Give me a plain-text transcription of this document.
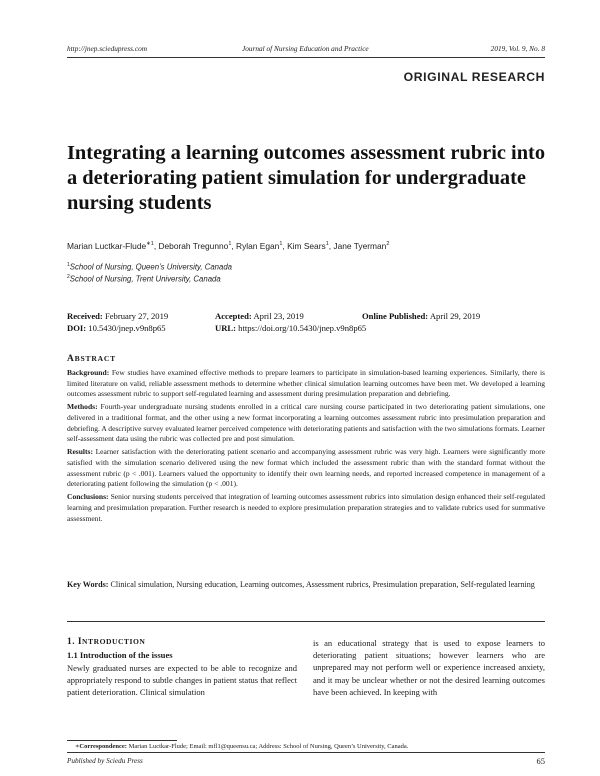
http://jnep.sciedupress.com	Journal of Nursing Education and Practice	2019, Vol. 9, No. 8
ORIGINAL RESEARCH
Integrating a learning outcomes assessment rubric into a deteriorating patient simulation for undergraduate nursing students
Marian Luctkar-Flude$^{∗1}$, Deborah Tregunno$^1$, Rylan Egan$^1$, Kim Sears$^1$, Jane Tyerman$^2$
$^1$School of Nursing, Queen’s University, Canada
$^2$School of Nursing, Trent University, Canada
Received: February 27, 2019	Accepted: April 23, 2019	Online Published: April 29, 2019
DOI: 10.5430/jnep.v9n8p65	URL: https://doi.org/10.5430/jnep.v9n8p65
ABSTRACT

Background: Few studies have examined effective methods to prepare learners to participate in simulation-based learning experiences. Similarly, there is limited literature on valid, reliable assessment methods to determine whether clinical simulation learning outcomes have been met. We developed a learning outcomes assessment rubric to support self-regulated learning and assessment during presimulation preparation and debriefing.

Methods: Fourth-year undergraduate nursing students enrolled in a critical care nursing course participated in two deteriorating patient simulations, one delivered in a traditional format, and the other using a new format incorporating a learning outcomes assessment rubric into presimulation preparation and debriefing. A descriptive survey evaluated learner perceived competence with deteriorating patients and satisfaction with the two simulations formats. Learner self-assessment data using the rubric was collected pre and post simulation.

Results: Learner satisfaction with the deteriorating patient scenario and accompanying assessment rubric was very high. Learners were significantly more satisfied with the simulation scenario delivered using the new format which included the assessment rubric than with the standard format without the assessment rubric (p < .001). Learners valued the opportunity to identify their own learning needs, and reported increased competence in management of a deteriorating patient following the simulation (p < .001).

Conclusions: Senior nursing students perceived that integration of learning outcomes assessment rubrics into simulation design enhanced their self-regulated learning and presimulation preparation. Further research is needed to explore presimulation preparation strategies and to validate rubrics used for summative assessment.

Key Words: Clinical simulation, Nursing education, Learning outcomes, Assessment rubrics, Presimulation preparation, Self-regulated learning
1. INTRODUCTION
1.1 Introduction of the issues

Newly graduated nurses are expected to be able to recognize and appropriately respond to subtle changes in patient status that reflect patient deterioration. Clinical simulation

is an educational strategy that is used to expose learners to deteriorating patient situations; however learners who are unprepared may not perform well or experience increased anxiety, and it may be unclear whether or not the desired learning outcomes have been achieved. In keeping with

∗Correspondence: Marian Luctkar-Flude; Email: mfl1@queensu.ca; Address: School of Nursing, Queen’s University, Canada.
Published by Sciedu Press	65
